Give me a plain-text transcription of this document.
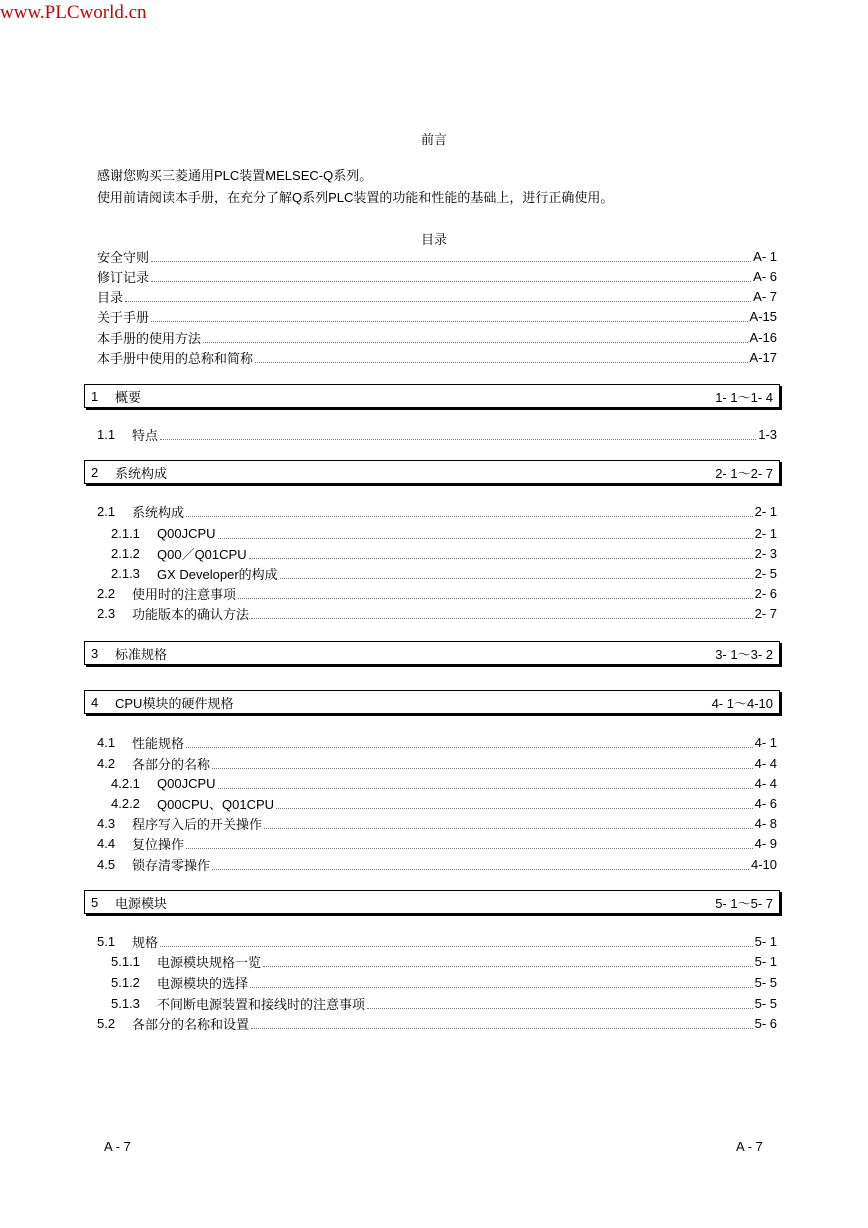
www.PLCworld.cn
前言
感谢您购买三菱通用PLC装置MELSEC-Q系列。
使用前请阅读本手册，在充分了解Q系列PLC装置的功能和性能的基础上，进行正确使用。
目录
安全守则	A- 1
修订记录	A- 6
目录	A- 7
关于手册	A-15
本手册的使用方法	A-16
本手册中使用的总称和简称	A-17
1	概要	1- 1～1- 4
1.1	特点	1-3
2	系统构成	2- 1～2- 7
2.1	系统构成	2- 1
2.1.1	Q00JCPU	2- 1
2.1.2	Q00／Q01CPU	2- 3
2.1.3	GX Developer的构成	2- 5
2.2	使用时的注意事项	2- 6
2.3	功能版本的确认方法	2- 7
3	标准规格	3- 1～3- 2
4	CPU模块的硬件规格	4- 1～4-10
4.1	性能规格	4- 1
4.2	各部分的名称	4- 4
4.2.1	Q00JCPU	4- 4
4.2.2	Q00CPU、Q01CPU	4- 6
4.3	程序写入后的开关操作	4- 8
4.4	复位操作	4- 9
4.5	锁存清零操作	4-10
5	电源模块	5- 1～5- 7
5.1	规格	5- 1
5.1.1	电源模块规格一览	5- 1
5.1.2	电源模块的选择	5- 5
5.1.3	不间断电源装置和接线时的注意事项	5- 5
5.2	各部分的名称和设置	5- 6
A - 7	A - 7
